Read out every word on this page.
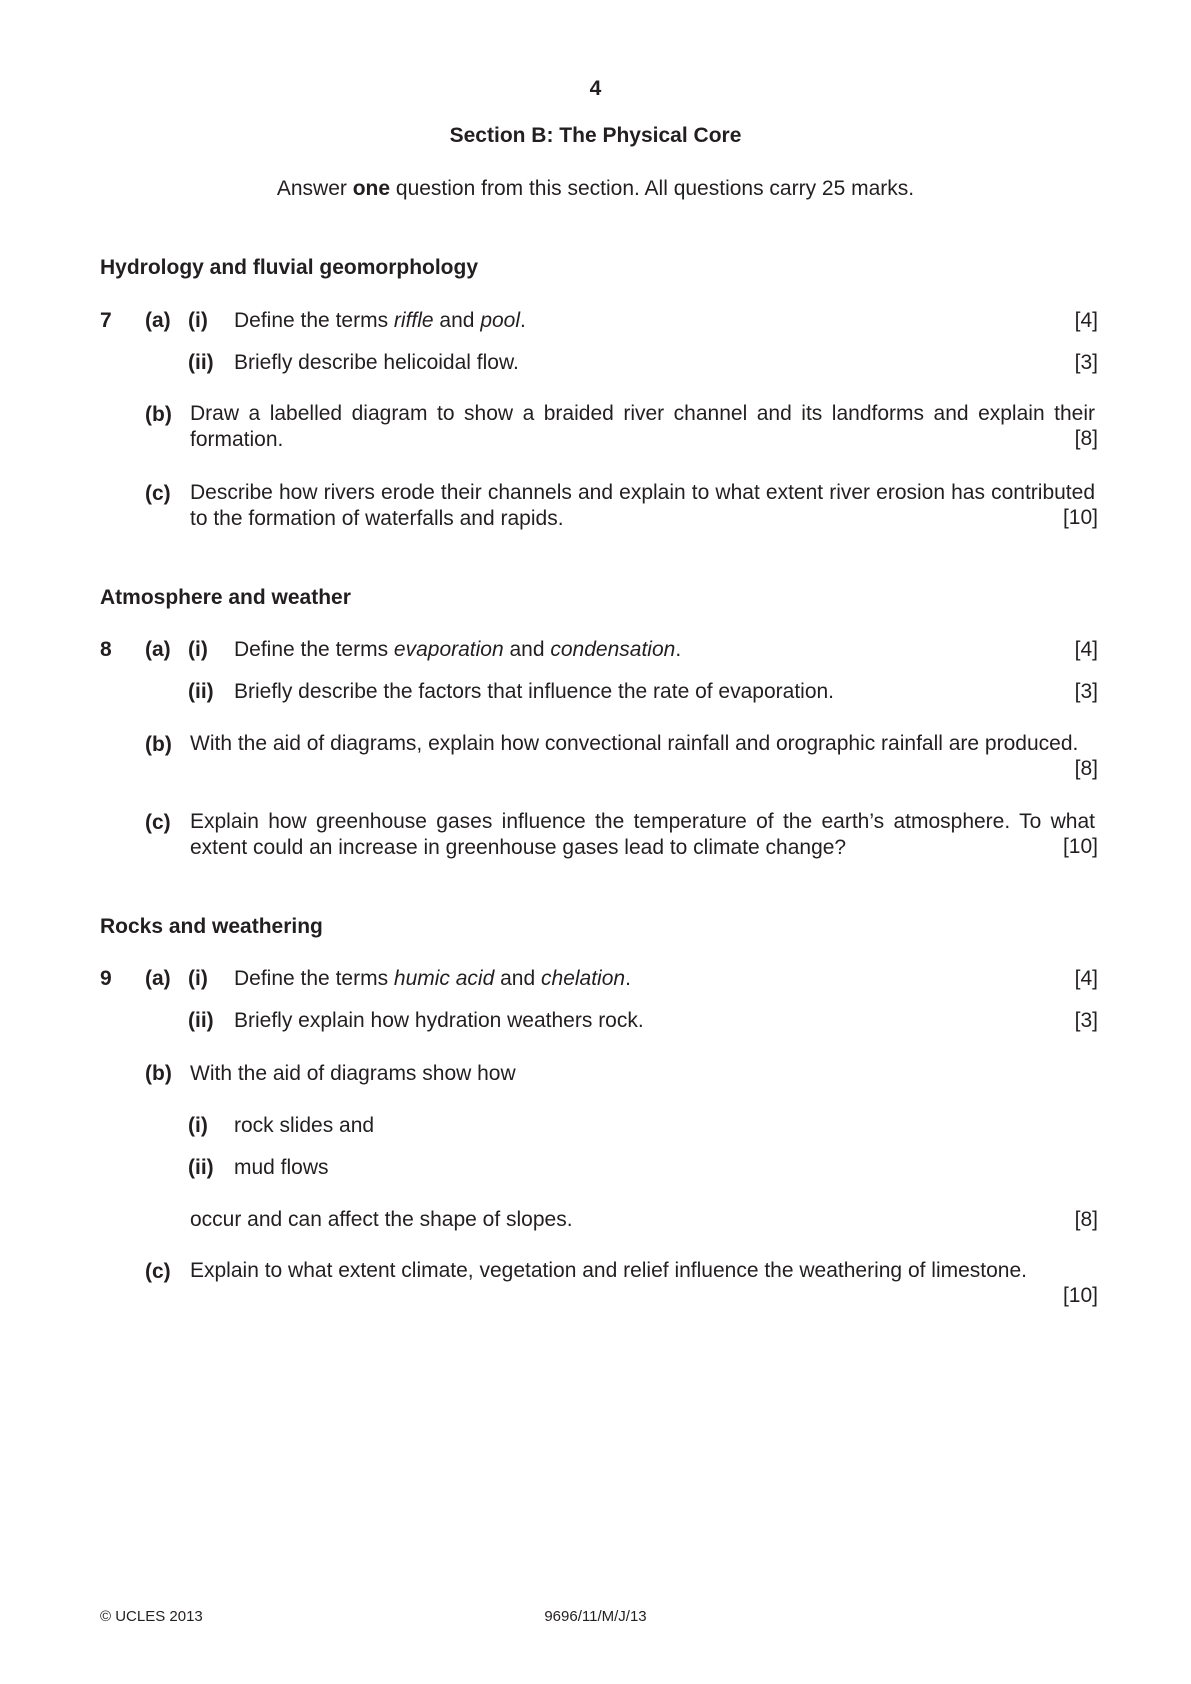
4
Section B: The Physical Core
Answer one question from this section. All questions carry 25 marks.
Hydrology and fluvial geomorphology
7 (a) (i) Define the terms riffle and pool.	[4]
(ii) Briefly describe helicoidal flow.	[3]
(b) Draw a labelled diagram to show a braided river channel and its landforms and explain their formation.	[8]
(c) Describe how rivers erode their channels and explain to what extent river erosion has contributed to the formation of waterfalls and rapids.	[10]
Atmosphere and weather
8 (a) (i) Define the terms evaporation and condensation.	[4]
(ii) Briefly describe the factors that influence the rate of evaporation.	[3]
(b) With the aid of diagrams, explain how convectional rainfall and orographic rainfall are produced.
[8]
(c) Explain how greenhouse gases influence the temperature of the earth’s atmosphere. To what extent could an increase in greenhouse gases lead to climate change?	[10]
Rocks and weathering
9 (a) (i) Define the terms humic acid and chelation.	[4]
(ii) Briefly explain how hydration weathers rock.	[3]
(b) With the aid of diagrams show how
(i) rock slides and
(ii) mud flows
occur and can affect the shape of slopes.	[8]
(c) Explain to what extent climate, vegetation and relief influence the weathering of limestone.
[10]
© UCLES 2013	9696/11/M/J/13
